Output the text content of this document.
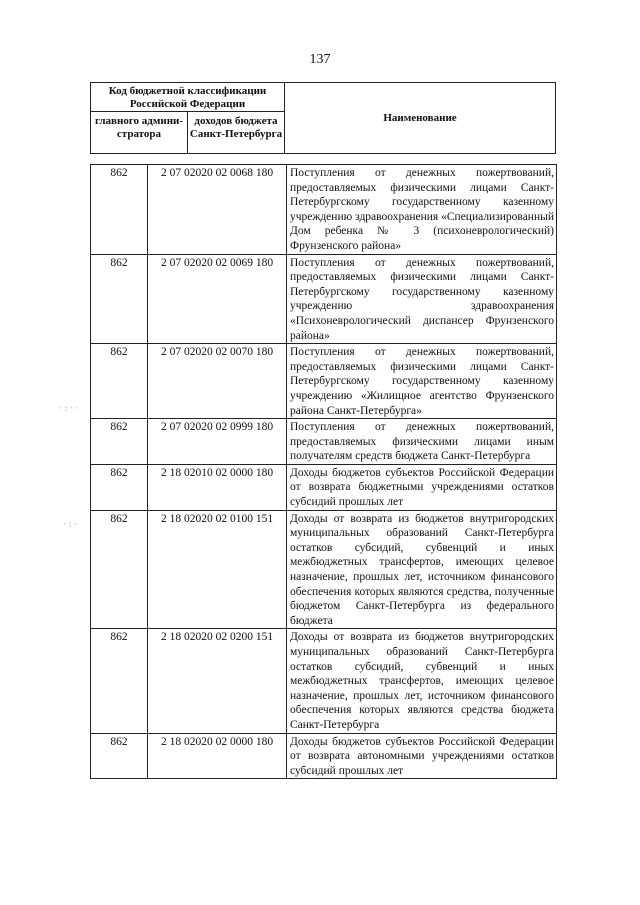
137
·:··
·:·
Код бюджетной классификации Российской Федерации		Наименование
главного админи-стратора	доходов бюджета Санкт-Петербурга	
862	2 07 02020 02 0068 180	Поступления от денежных пожертвований, предоставляемых физическими лицами Санкт-Петербургскому государственному казенному учреждению здравоохранения «Специализированный Дом ребенка № 3 (психоневрологический) Фрунзенского района»
862	2 07 02020 02 0069 180	Поступления от денежных пожертвований, предоставляемых физическими лицами Санкт-Петербургскому государственному казенному учреждению здравоохранения «Психоневрологический диспансер Фрунзенского района»
862	2 07 02020 02 0070 180	Поступления от денежных пожертвований, предоставляемых физическими лицами Санкт-Петербургскому государственному казенному учреждению «Жилищное агентство Фрунзенского района Санкт-Петербурга»
862	2 07 02020 02 0999 180	Поступления от денежных пожертвований, предоставляемых физическими лицами иным получателям средств бюджета Санкт-Петербурга
862	2 18 02010 02 0000 180	Доходы бюджетов субъектов Российской Федерации от возврата бюджетными учреждениями остатков субсидий прошлых лет
862	2 18 02020 02 0100 151	Доходы от возврата из бюджетов внутригородских муниципальных образований Санкт-Петербурга остатков субсидий, субвенций и иных межбюджетных трансфертов, имеющих целевое назначение, прошлых лет, источником финансового обеспечения которых являются средства, полученные бюджетом Санкт-Петербурга из федерального бюджета
862	2 18 02020 02 0200 151	Доходы от возврата из бюджетов внутригородских муниципальных образований Санкт-Петербурга остатков субсидий, субвенций и иных межбюджетных трансфертов, имеющих целевое назначение, прошлых лет, источником финансового обеспечения которых являются средства бюджета Санкт-Петербурга
862	2 18 02020 02 0000 180	Доходы бюджетов субъектов Российской Федерации от возврата автономными учреждениями остатков субсидий прошлых лет
